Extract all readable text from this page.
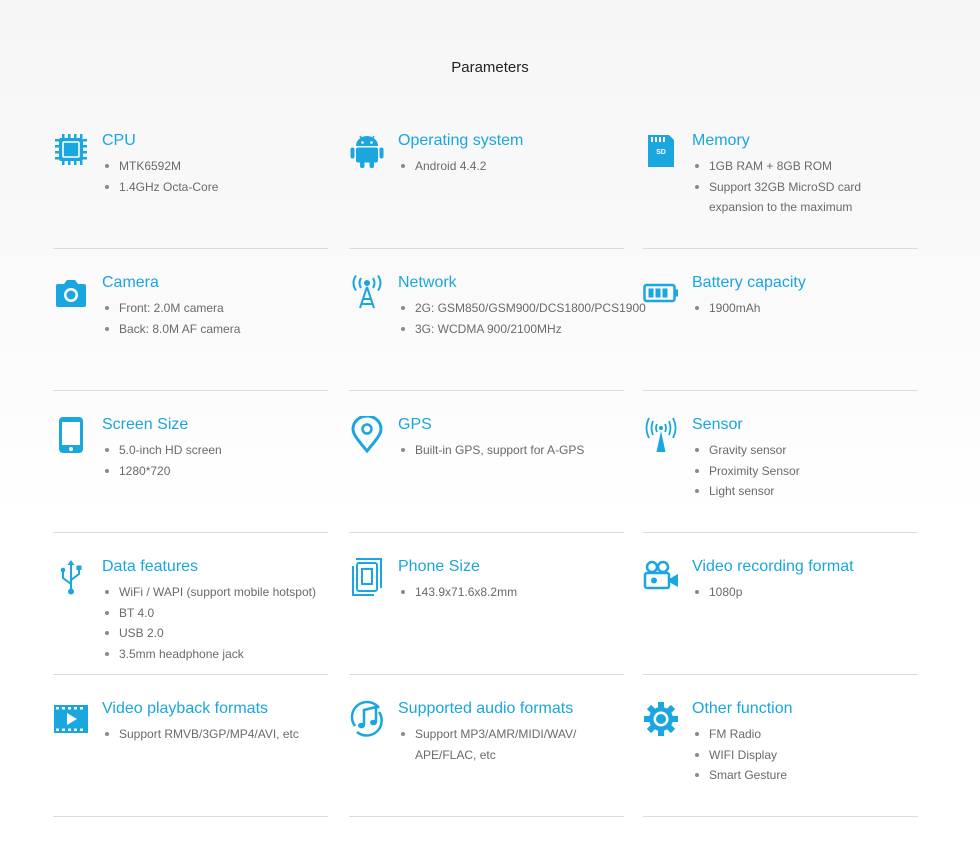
Parameters
CPU
MTK6592M
1.4GHz Octa-Core
Operating system
Android 4.4.2
SD
Memory
1GB RAM + 8GB ROM
Support 32GB MicroSD card
expansion to the maximum
Camera
Front: 2.0M camera
Back: 8.0M AF camera
Network
2G: GSM850/GSM900/DCS1800/PCS1900
3G: WCDMA 900/2100MHz
Battery capacity
1900mAh
Screen Size
5.0-inch HD screen
1280*720
GPS
Built-in GPS, support for A-GPS
Sensor
Gravity sensor
Proximity Sensor
Light sensor
Data features
WiFi / WAPI (support mobile hotspot)
BT 4.0
USB 2.0
3.5mm headphone jack
Phone Size
143.9x71.6x8.2mm
Video recording format
1080p
Video playback formats
Support RMVB/3GP/MP4/AVI, etc
Supported audio formats
Support MP3/AMR/MIDI/WAV/
APE/FLAC, etc
Other function
FM Radio
WIFI Display
Smart Gesture
